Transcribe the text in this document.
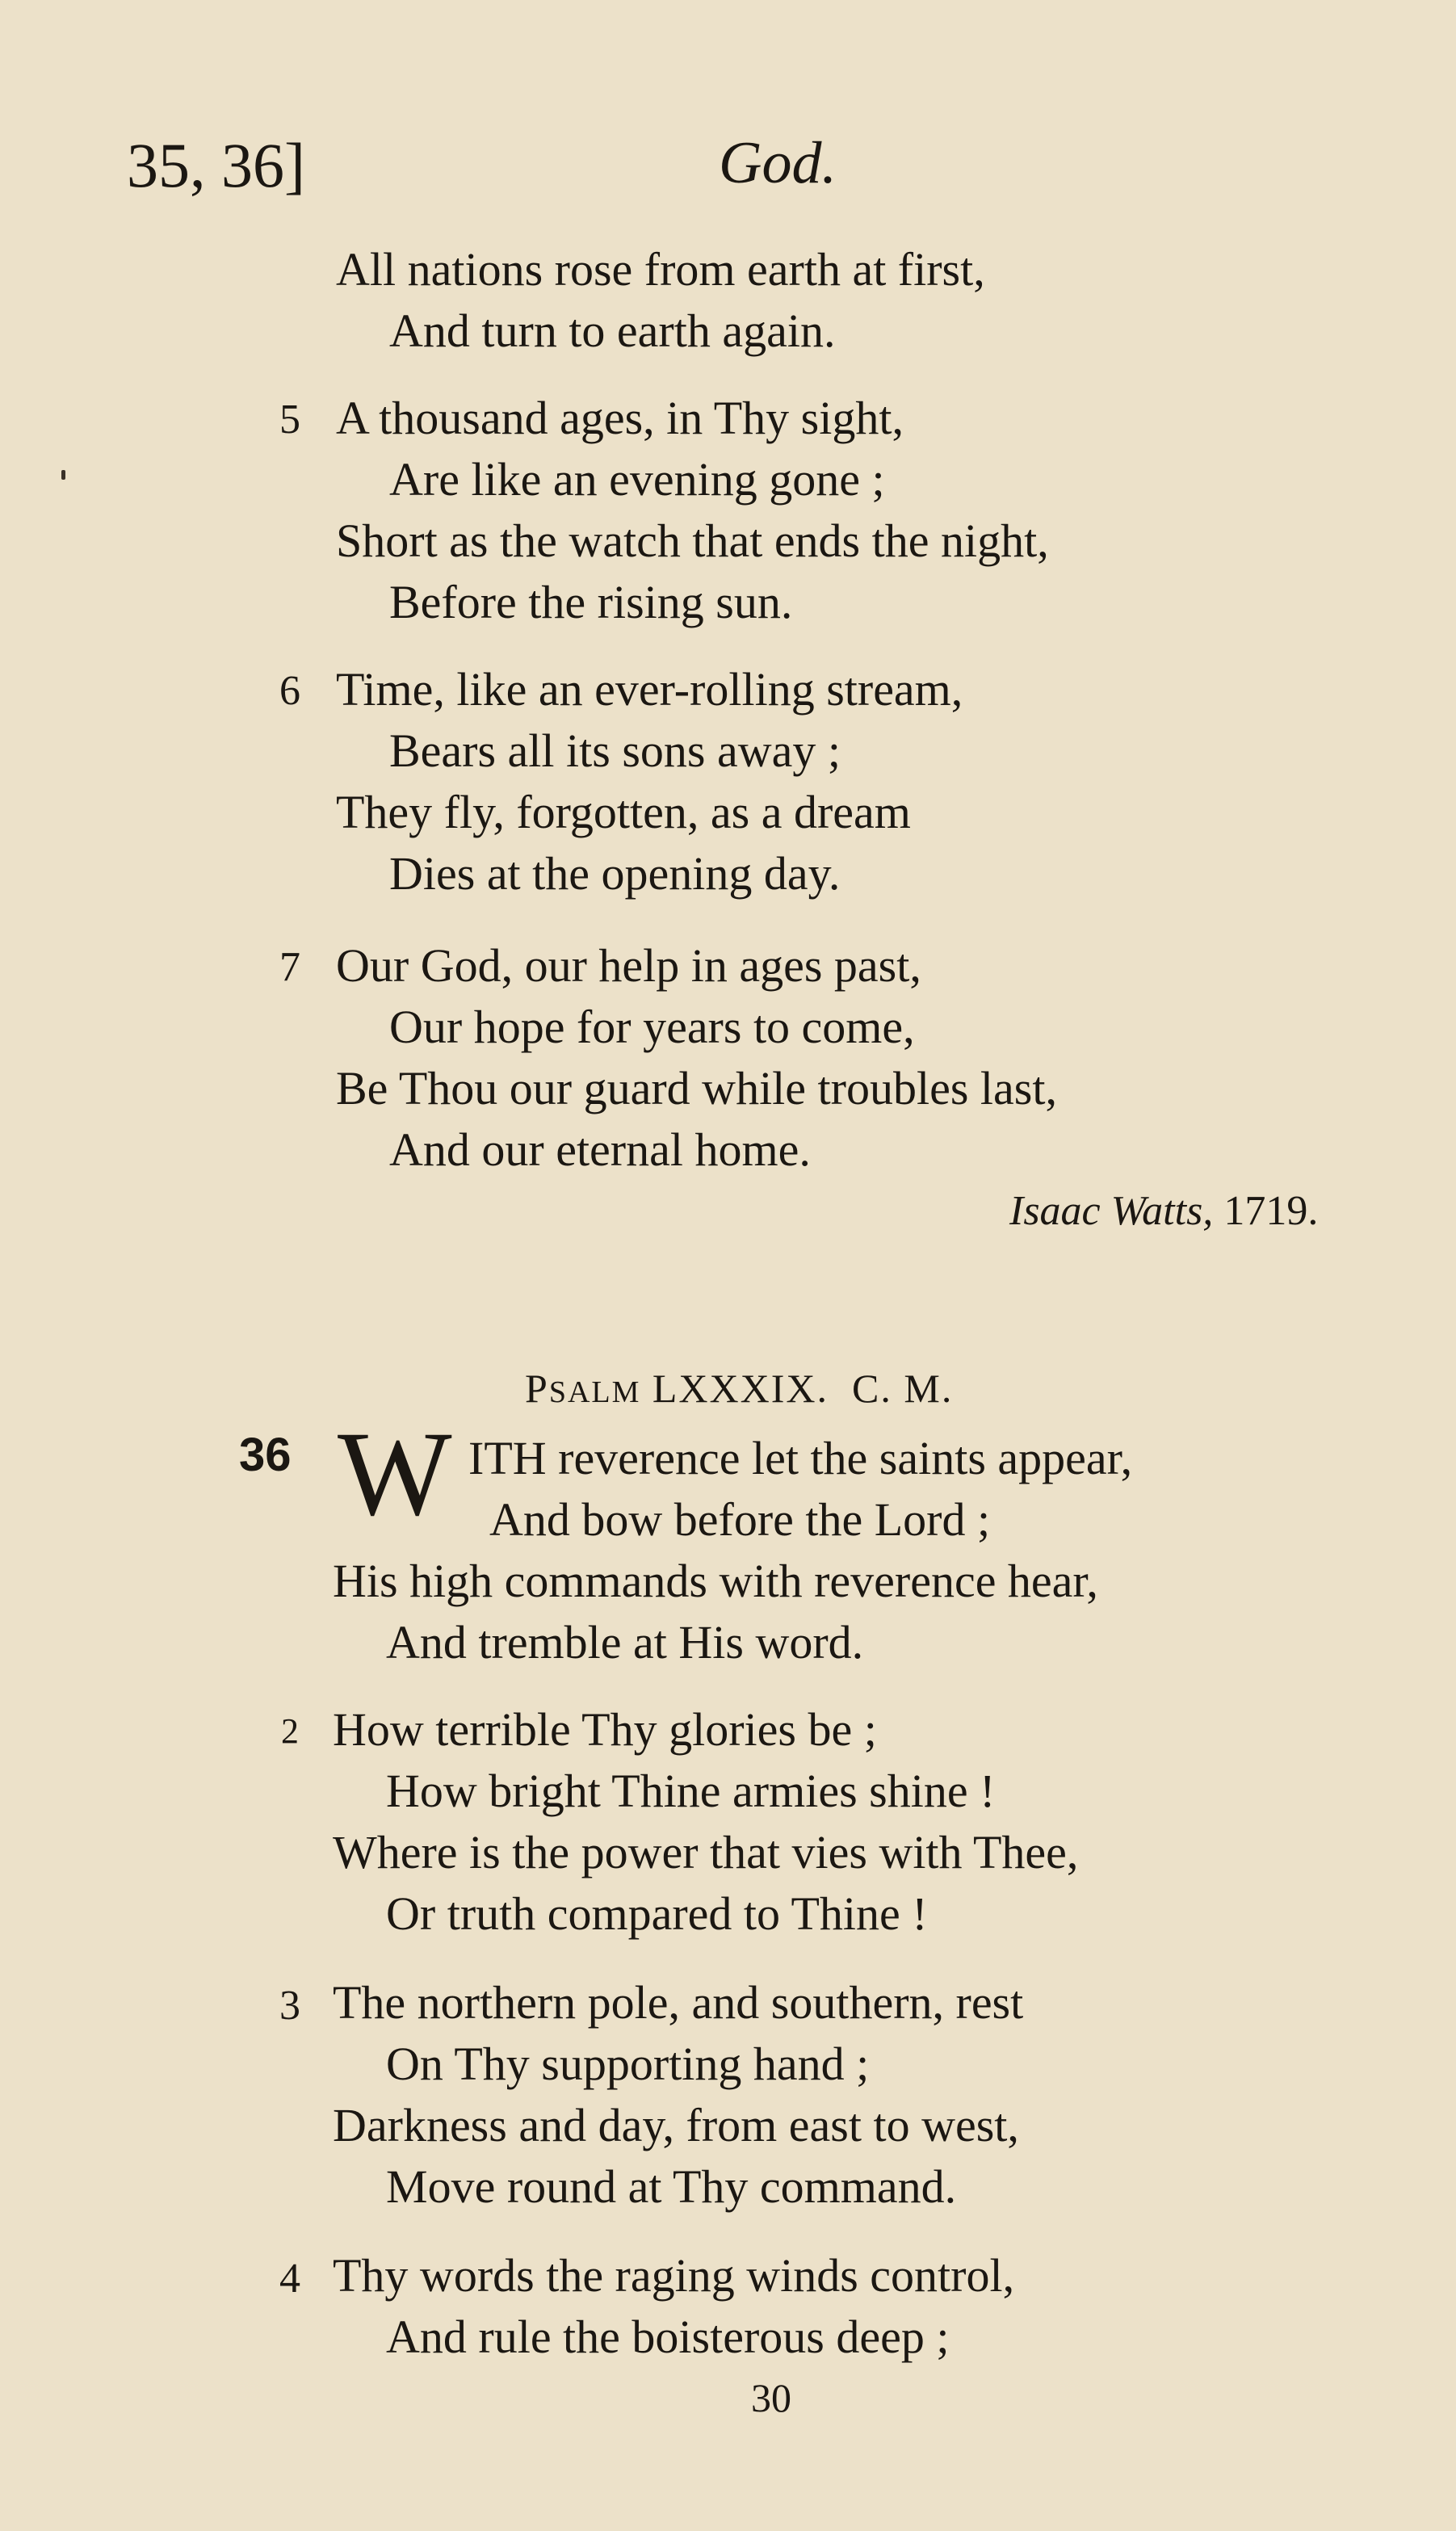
35, 36]	God.
All nations rose from earth at first,
And turn to earth again.
5 A thousand ages, in Thy sight,
Are like an evening gone ;
Short as the watch that ends the night,
Before the rising sun.
6 Time, like an ever-rolling stream,
Bears all its sons away ;
They fly, forgotten, as a dream
Dies at the opening day.
7 Our God, our help in ages past,
Our hope for years to come,
Be Thou our guard while troubles last,
And our eternal home.
Isaac Watts, 1719.
PSALM LXXXIX.  C. M.
36 W ITH reverence let the saints appear,
And bow before the Lord ;
His high commands with reverence hear,
And tremble at His word.
2 How terrible Thy glories be ;
How bright Thine armies shine !
Where is the power that vies with Thee,
Or truth compared to Thine !
3 The northern pole, and southern, rest
On Thy supporting hand ;
Darkness and day, from east to west,
Move round at Thy command.
4 Thy words the raging winds control,
And rule the boisterous deep ;
30
